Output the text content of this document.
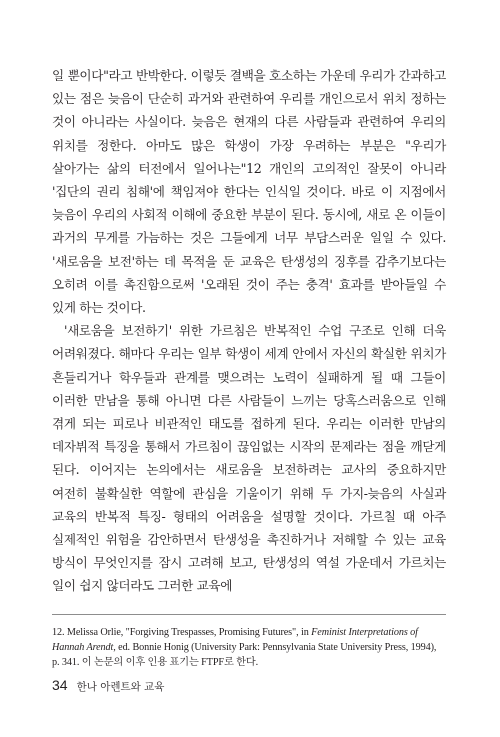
일 뿐이다"라고 반박한다. 이렇듯 결백을 호소하는 가운데 우리가 간과하고 있는 점은 늦음이 단순히 과거와 관련하여 우리를 개인으로서 위치 정하는 것이 아니라는 사실이다. 늦음은 현재의 다른 사람들과 관련하여 우리의 위치를 정한다. 아마도 많은 학생이 가장 우려하는 부분은 "우리가 살아가는 삶의 터전에서 일어나는"12 개인의 고의적인 잘못이 아니라 '집단의 권리 침해'에 책임져야 한다는 인식일 것이다. 바로 이 지점에서 늦음이 우리의 사회적 이해에 중요한 부분이 된다. 동시에, 새로 온 이들이 과거의 무게를 가늠하는 것은 그들에게 너무 부담스러운 일일 수 있다. '새로움을 보전'하는 데 목적을 둔 교육은 탄생성의 징후를 감추기보다는 오히려 이를 촉진함으로써 '오래된 것이 주는 충격' 효과를 받아들일 수 있게 하는 것이다.

'새로움을 보전하기' 위한 가르침은 반복적인 수업 구조로 인해 더욱 어려워졌다. 해마다 우리는 일부 학생이 세계 안에서 자신의 확실한 위치가 흔들리거나 학우들과 관계를 맺으려는 노력이 실패하게 될 때 그들이 이러한 만남을 통해 아니면 다른 사람들이 느끼는 당혹스러움으로 인해 겪게 되는 피로나 비관적인 태도를 접하게 된다. 우리는 이러한 만남의 데자뷔적 특징을 통해서 가르침이 끊임없는 시작의 문제라는 점을 깨닫게 된다. 이어지는 논의에서는 새로움을 보전하려는 교사의 중요하지만 여전히 불확실한 역할에 관심을 기울이기 위해 두 가지-늦음의 사실과 교육의 반복적 특징- 형태의 어려움을 설명할 것이다. 가르칠 때 아주 실제적인 위험을 감안하면서 탄생성을 촉진하거나 저해할 수 있는 교육 방식이 무엇인지를 잠시 고려해 보고, 탄생성의 역설 가운데서 가르치는 일이 쉽지 않더라도 그러한 교육에

12. Melissa Orlie, "Forgiving Trespasses, Promising Futures", in Feminist Interpretations of Hannah Arendt, ed. Bonnie Honig (University Park: Pennsylvania State University Press, 1994), p. 341. 이 논문의 이후 인용 표기는 FTPF로 한다.

34 한나 아렌트와 교육
